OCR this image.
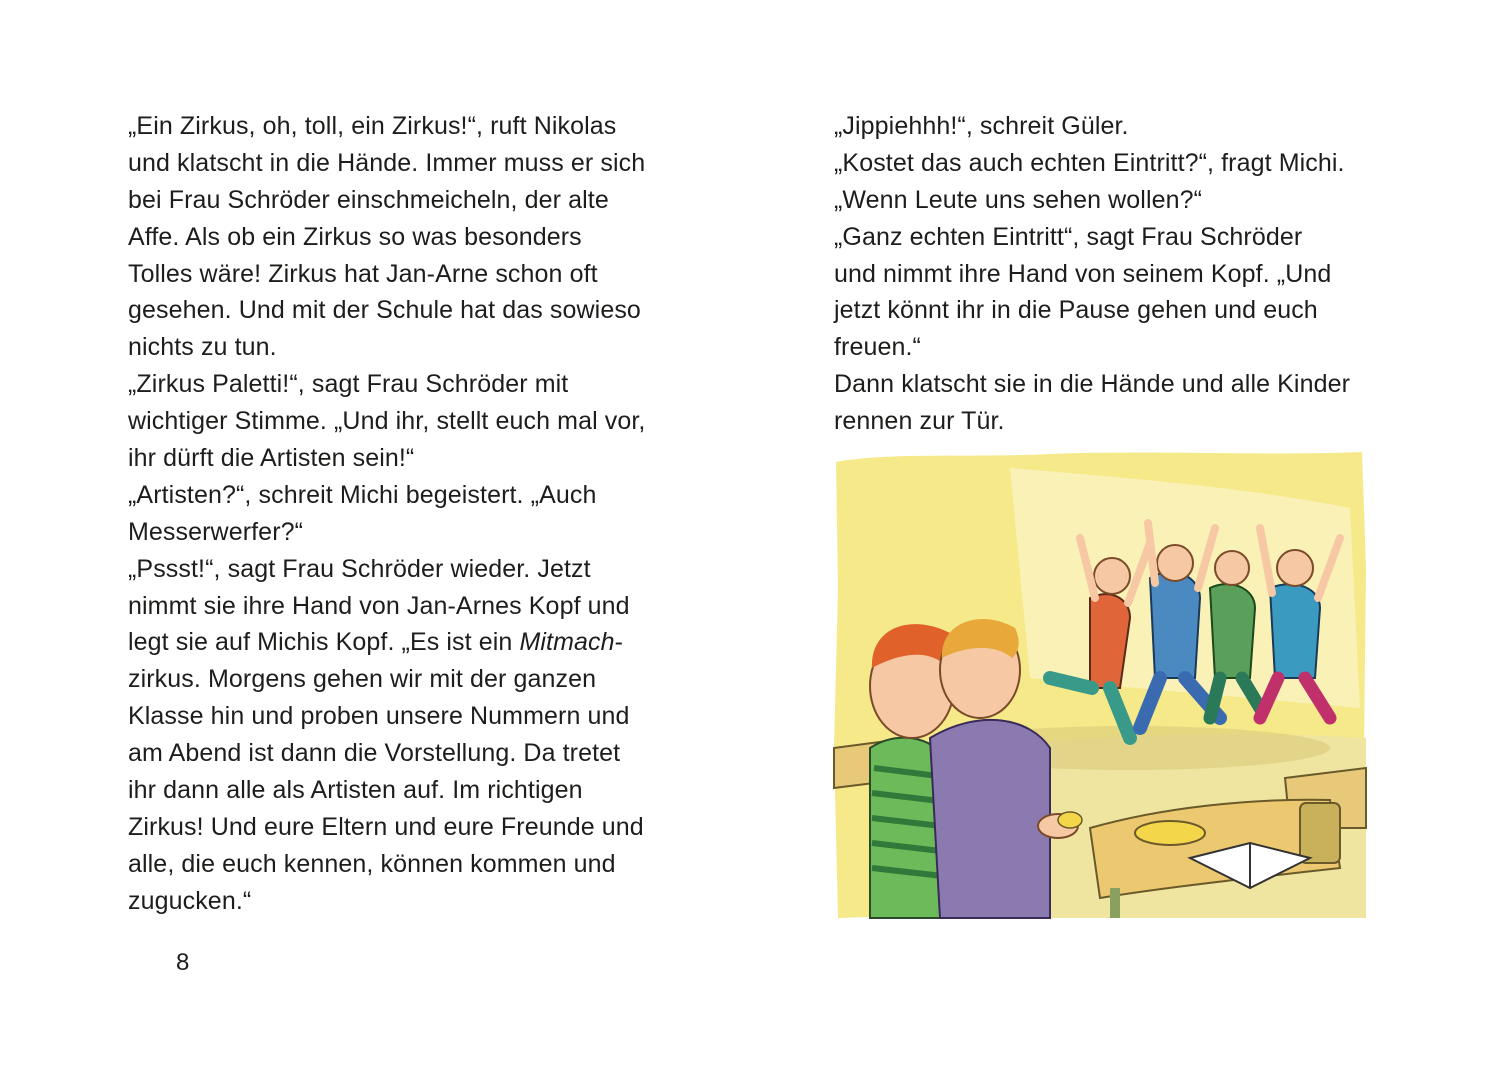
„Ein Zirkus, oh, toll, ein Zirkus!“, ruft Nikolas
und klatscht in die Hände. Immer muss er sich
bei Frau Schröder einschmeicheln, der alte
Affe. Als ob ein Zirkus so was besonders
Tolles wäre! Zirkus hat Jan-Arne schon oft
gesehen. Und mit der Schule hat das sowieso
nichts zu tun.
„Zirkus Paletti!“, sagt Frau Schröder mit
wichtiger Stimme. „Und ihr, stellt euch mal vor,
ihr dürft die Artisten sein!“
„Artisten?“, schreit Michi begeistert. „Auch
Messerwerfer?“
„Pssst!“, sagt Frau Schröder wieder. Jetzt
nimmt sie ihre Hand von Jan-Arnes Kopf und
legt sie auf Michis Kopf. „Es ist ein Mitmach-
zirkus. Morgens gehen wir mit der ganzen
Klasse hin und proben unsere Nummern und
am Abend ist dann die Vorstellung. Da tretet
ihr dann alle als Artisten auf. Im richtigen
Zirkus! Und eure Eltern und eure Freunde und
alle, die euch kennen, können kommen und
zugucken.“
8
„Jippiehhh!“, schreit Güler.
„Kostet das auch echten Eintritt?“, fragt Michi.
„Wenn Leute uns sehen wollen?“
„Ganz echten Eintritt“, sagt Frau Schröder
und nimmt ihre Hand von seinem Kopf. „Und
jetzt könnt ihr in die Pause gehen und euch
freuen.“
Dann klatscht sie in die Hände und alle Kinder
rennen zur Tür.
